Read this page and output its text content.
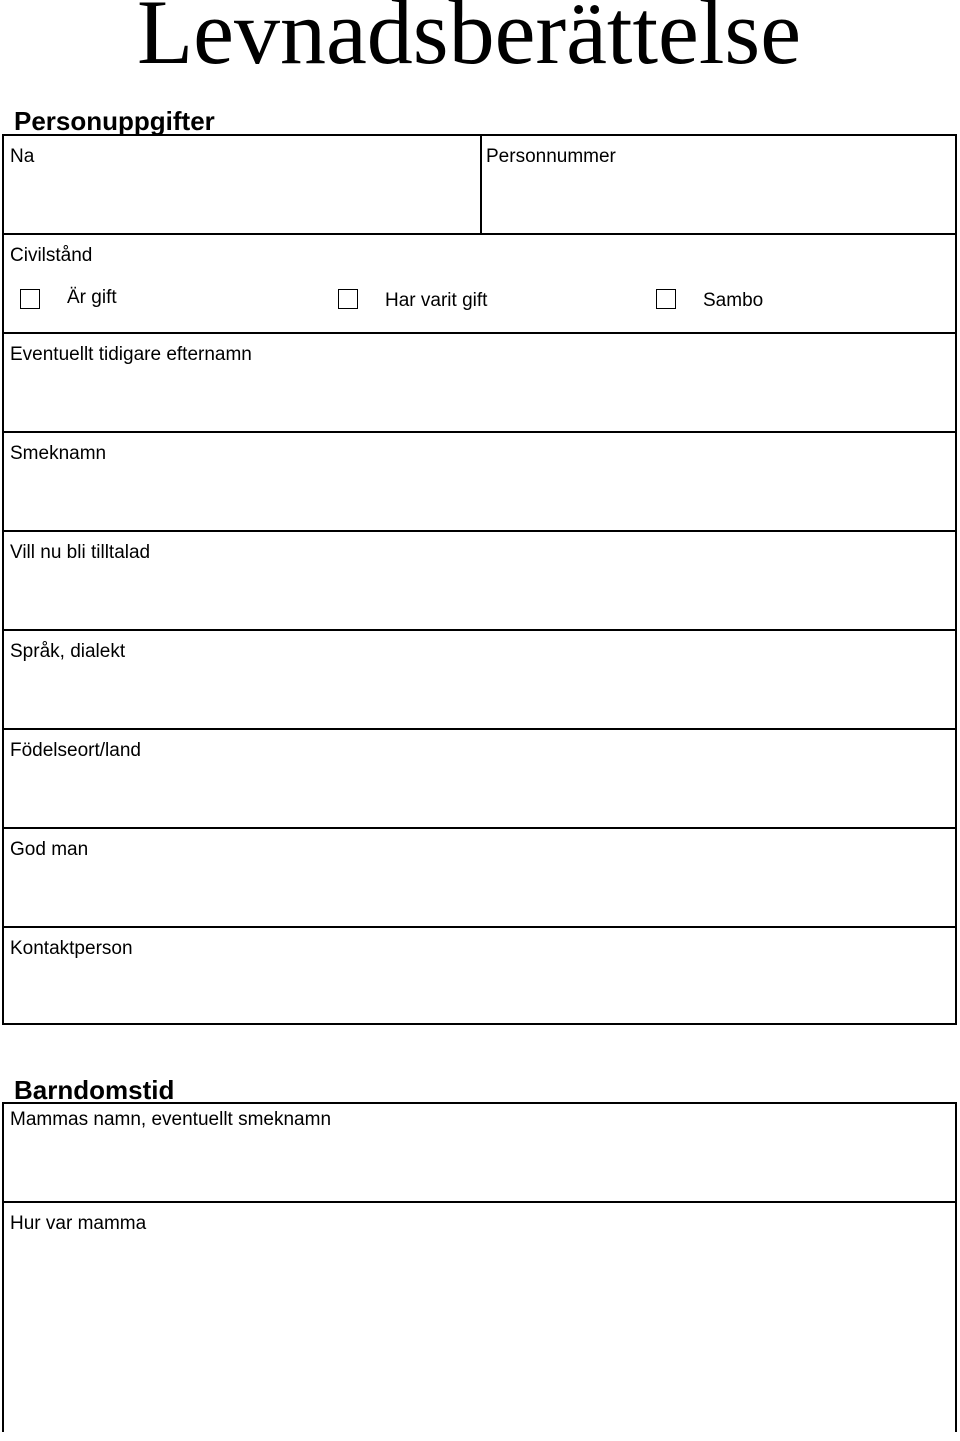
Levnadsberättelse
Personuppgifter
Na	Personnummer
Civilstånd
Är gift	Har varit gift	Sambo
Eventuellt tidigare efternamn
Smeknamn
Vill nu bli tilltalad
Språk, dialekt
Födelseort/land
God man
Kontaktperson
Barndomstid
Mammas namn, eventuellt smeknamn
Hur var mamma
